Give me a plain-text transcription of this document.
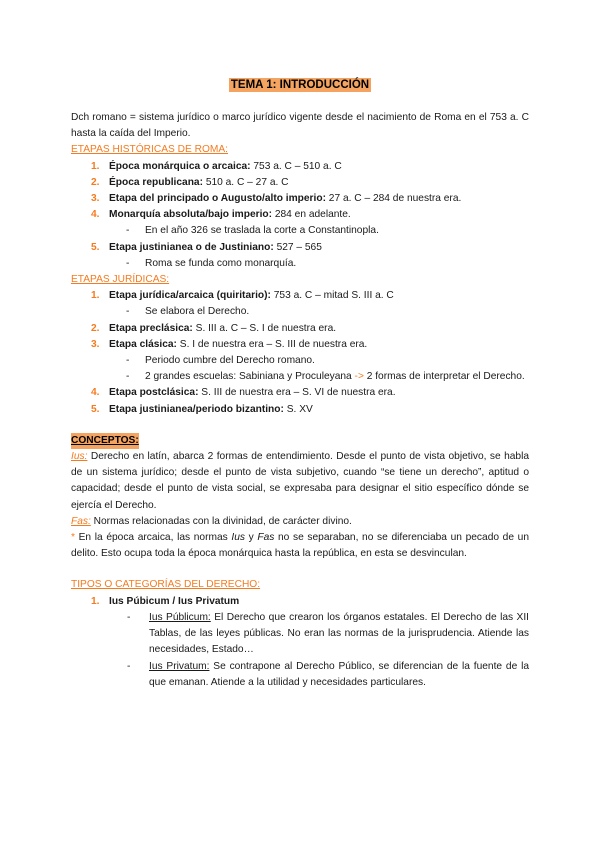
TEMA 1: INTRODUCCIÓN

Dch romano = sistema jurídico o marco jurídico vigente desde el nacimiento de Roma en el 753 a. C hasta la caída del Imperio.

ETAPAS HISTÓRICAS DE ROMA:

1. Época monárquica o arcaica: 753 a. C – 510 a. C
2. Época republicana: 510 a. C – 27 a. C
3. Etapa del principado o Augusto/alto imperio: 27 a. C – 284 de nuestra era.
4. Monarquía absoluta/bajo imperio: 284 en adelante.
- En el año 326 se traslada la corte a Constantinopla.
5. Etapa justinianea o de Justiniano: 527 – 565
- Roma se funda como monarquía.

ETAPAS JURÍDICAS:

1. Etapa jurídica/arcaica (quiritario): 753 a. C – mitad S. III a. C
- Se elabora el Derecho.
2. Etapa preclásica: S. III a. C – S. I de nuestra era.
3. Etapa clásica: S. I de nuestra era – S. III de nuestra era.
- Periodo cumbre del Derecho romano.
- 2 grandes escuelas: Sabiniana y Proculeyana -> 2 formas de interpretar el Derecho.
4. Etapa postclásica: S. III de nuestra era – S. VI de nuestra era.
5. Etapa justinianea/periodo bizantino: S. XV

CONCEPTOS:

Ius: Derecho en latín, abarca 2 formas de entendimiento. Desde el punto de vista objetivo, se habla de un sistema jurídico; desde el punto de vista subjetivo, cuando “se tiene un derecho”, aptitud o capacidad; desde el punto de vista social, se expresaba para designar el sitio específico dónde se ejercía el Derecho.

Fas: Normas relacionadas con la divinidad, de carácter divino.

* En la época arcaica, las normas Ius y Fas no se separaban, no se diferenciaba un pecado de un delito. Esto ocupa toda la época monárquica hasta la república, en esta se desvinculan.

TIPOS O CATEGORÍAS DEL DERECHO:

1. Ius Púbicum / Ius Privatum
- Ius Públicum: El Derecho que crearon los órganos estatales. El Derecho de las XII Tablas, de las leyes públicas. No eran las normas de la jurisprudencia. Atiende las necesidades, Estado…
- Ius Privatum: Se contrapone al Derecho Público, se diferencian de la fuente de la que emanan. Atiende a la utilidad y necesidades particulares.
